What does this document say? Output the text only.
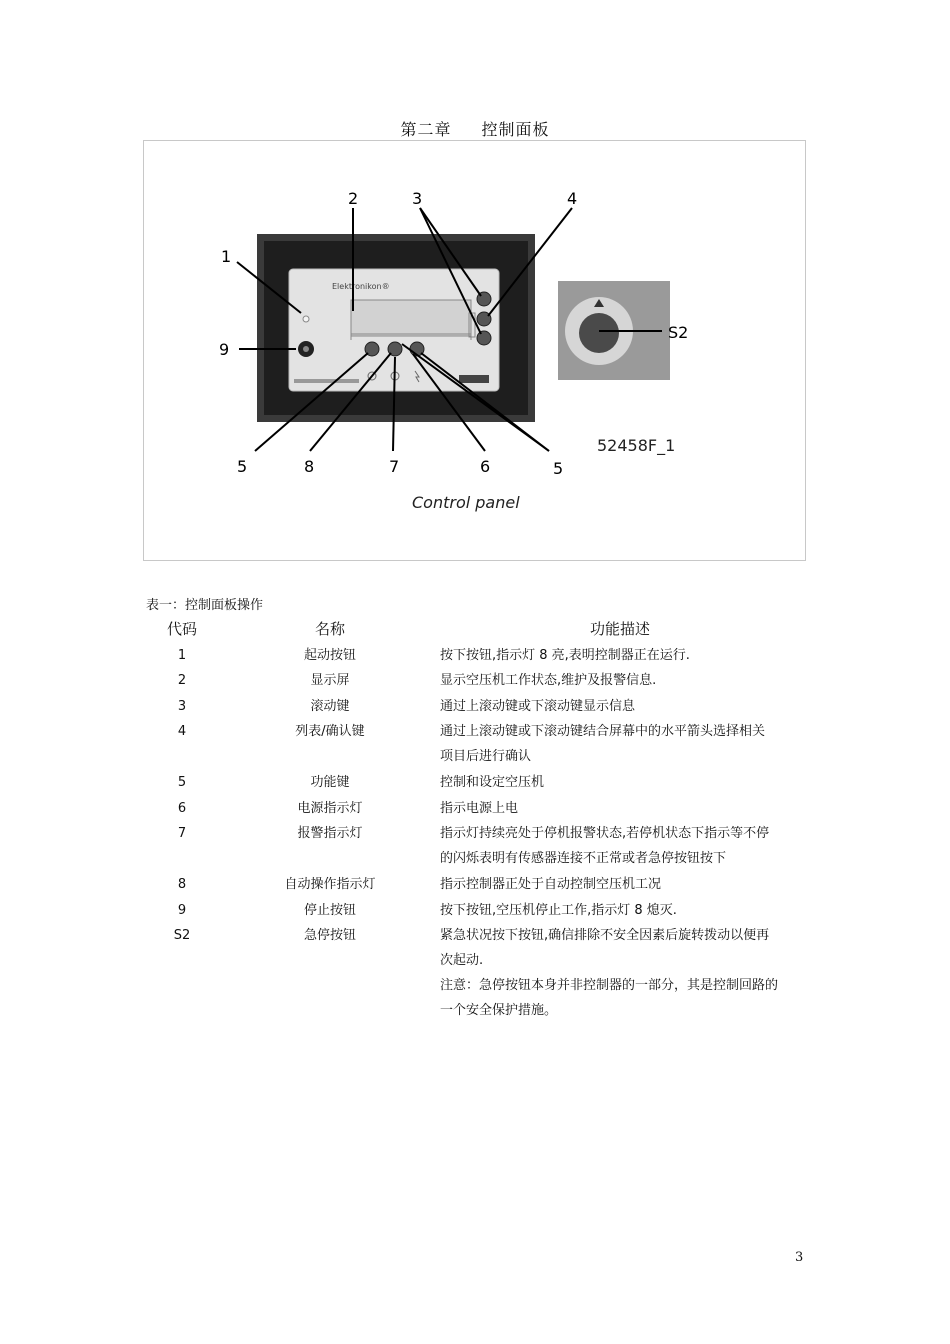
第二章 控制面板
Elektronikon®
1
2	3	4
5	6
7
8
9
5
S2
52458F_1
Control panel
表一：控制面板操作
代码	名称	功能描述
1	起动按钮	按下按钮,指示灯 8 亮,表明控制器正在运行.
2	显示屏	显示空压机工作状态,维护及报警信息.
3	滚动键	通过上滚动键或下滚动键显示信息
4	列表/确认键	通过上滚动键或下滚动键结合屏幕中的水平箭头选择相关
项目后进行确认
5	功能键	控制和设定空压机
6	电源指示灯	指示电源上电
7	报警指示灯	指示灯持续亮处于停机报警状态,若停机状态下指示等不停
的闪烁表明有传感器连接不正常或者急停按钮按下
8	自动操作指示灯	指示控制器正处于自动控制空压机工况
9	停止按钮	按下按钮,空压机停止工作,指示灯 8 熄灭.
S2	急停按钮	紧急状况按下按钮,确信排除不安全因素后旋转拨动以便再
次起动.
注意：急停按钮本身并非控制器的一部分，其是控制回路的
一个安全保护措施。
3
